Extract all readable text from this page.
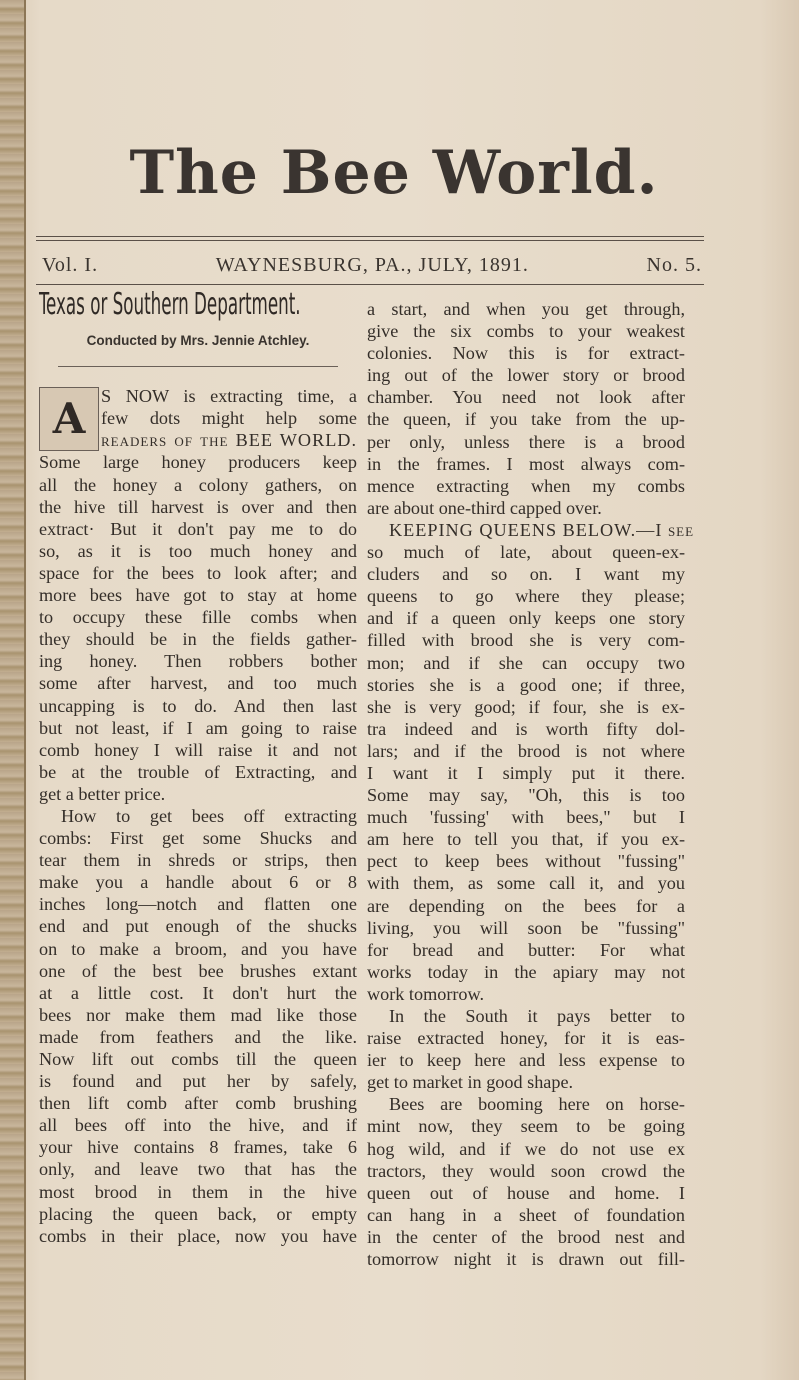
The Bee World.
Vol. I.	WAYNESBURG, PA., JULY, 1891.	No. 5.
Texas or Southern Department.
Conducted by Mrs. Jennie Atchley.
A S NOW is extracting time, a
few dots might help some
readers of the BEE WORLD.
Some large honey producers keep
all the honey a colony gathers, on
the hive till harvest is over and then
extract· But it don't pay me to do
so, as it is too much honey and
space for the bees to look after; and
more bees have got to stay at home
to occupy these fille combs when
they should be in the fields gather-
ing honey. Then robbers bother
some after harvest, and too much
uncapping is to do. And then last
but not least, if I am going to raise
comb honey I will raise it and not
be at the trouble of Extracting, and
get a better price.
How to get bees off extracting
combs: First get some Shucks and
tear them in shreds or strips, then
make you a handle about 6 or 8
inches long—notch and flatten one
end and put enough of the shucks
on to make a broom, and you have
one of the best bee brushes extant
at a little cost. It don't hurt the
bees nor make them mad like those
made from feathers and the like.
Now lift out combs till the queen
is found and put her by safely,
then lift comb after comb brushing
all bees off into the hive, and if
your hive contains 8 frames, take 6
only, and leave two that has the
most brood in them in the hive
placing the queen back, or empty
combs in their place, now you have
a start, and when you get through,
give the six combs to your weakest
colonies. Now this is for extract-
ing out of the lower story or brood
chamber. You need not look after
the queen, if you take from the up-
per only, unless there is a brood
in the frames. I most always com-
mence extracting when my combs
are about one-third capped over.
KEEPING QUEENS BELOW.—I see
so much of late, about queen-ex-
cluders and so on. I want my
queens to go where they please;
and if a queen only keeps one story
filled with brood she is very com-
mon; and if she can occupy two
stories she is a good one; if three,
she is very good; if four, she is ex-
tra indeed and is worth fifty dol-
lars; and if the brood is not where
I want it I simply put it there.
Some may say, "Oh, this is too
much 'fussing' with bees," but I
am here to tell you that, if you ex-
pect to keep bees without "fussing"
with them, as some call it, and you
are depending on the bees for a
living, you will soon be "fussing"
for bread and butter: For what
works today in the apiary may not
work tomorrow.
In the South it pays better to
raise extracted honey, for it is eas-
ier to keep here and less expense to
get to market in good shape.
Bees are booming here on horse-
mint now, they seem to be going
hog wild, and if we do not use ex
tractors, they would soon crowd the
queen out of house and home. I
can hang in a sheet of foundation
in the center of the brood nest and
tomorrow night it is drawn out fill-
